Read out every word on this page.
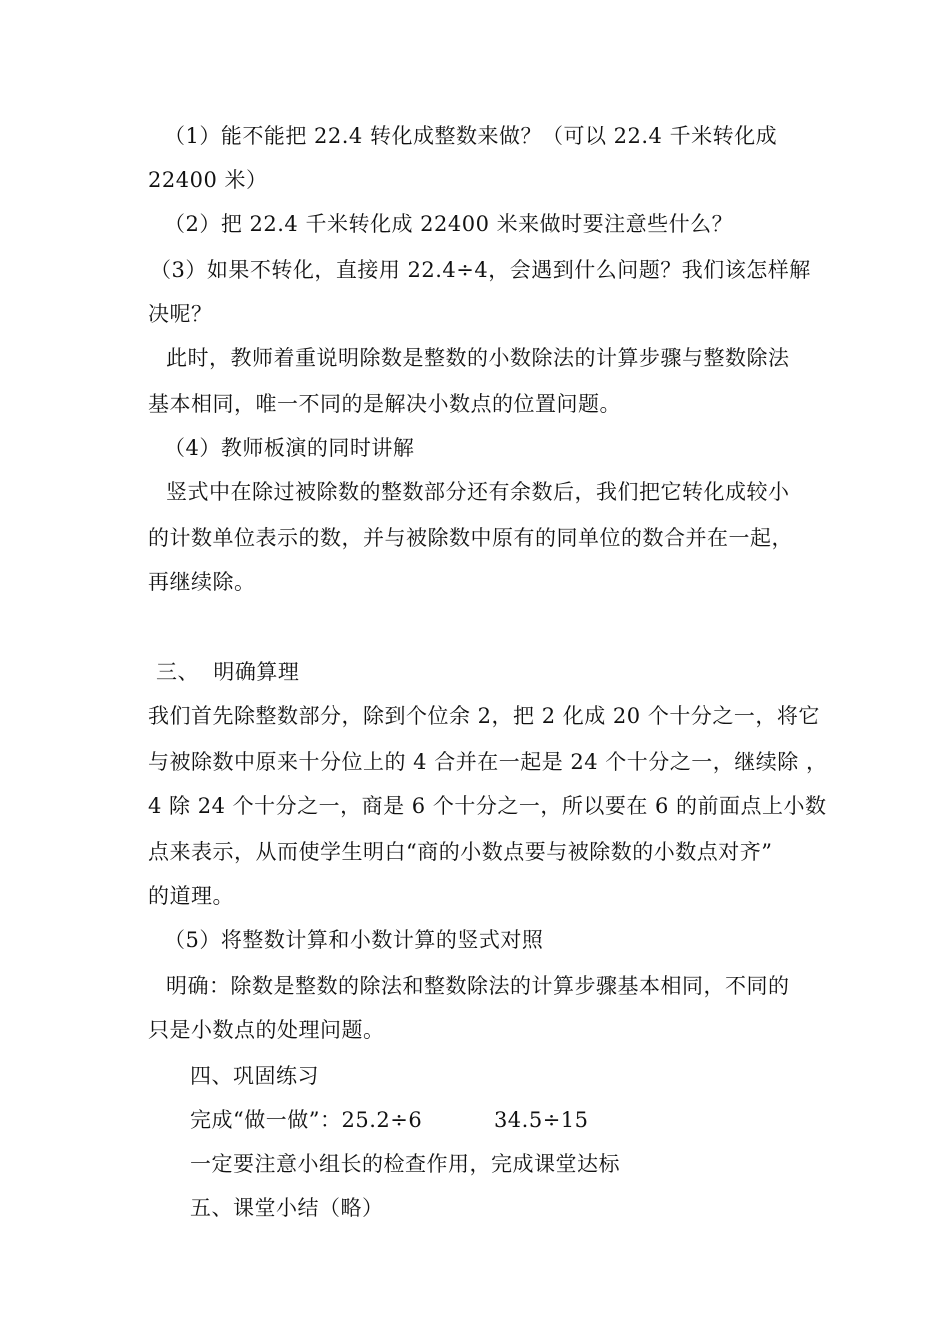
（1）能不能把 22.4 转化成整数来做？（可以 22.4 千米转化成
22400 米）
（2）把 22.4 千米转化成 22400 米来做时要注意些什么？
（3）如果不转化，直接用 22.4÷4，会遇到什么问题？我们该怎样解
决呢？
此时，教师着重说明除数是整数的小数除法的计算步骤与整数除法
基本相同，唯一不同的是解决小数点的位置问题。
（4）教师板演的同时讲解
竖式中在除过被除数的整数部分还有余数后，我们把它转化成较小
的计数单位表示的数，并与被除数中原有的同单位的数合并在一起，
再继续除。
三、  明确算理
我们首先除整数部分，除到个位余 2，把 2 化成 20 个十分之一，将它
与被除数中原来十分位上的 4 合并在一起是 24 个十分之一，继续除 ，
4 除 24 个十分之一，商是 6 个十分之一，所以要在 6 的前面点上小数
点来表示，从而使学生明白“商的小数点要与被除数的小数点对齐”
的道理。
（5）将整数计算和小数计算的竖式对照
明确：除数是整数的除法和整数除法的计算步骤基本相同，不同的
只是小数点的处理问题。
四、巩固练习
完成“做一做”：25.2÷6          34.5÷15
一定要注意小组长的检查作用，完成课堂达标
五、课堂小结（略）
